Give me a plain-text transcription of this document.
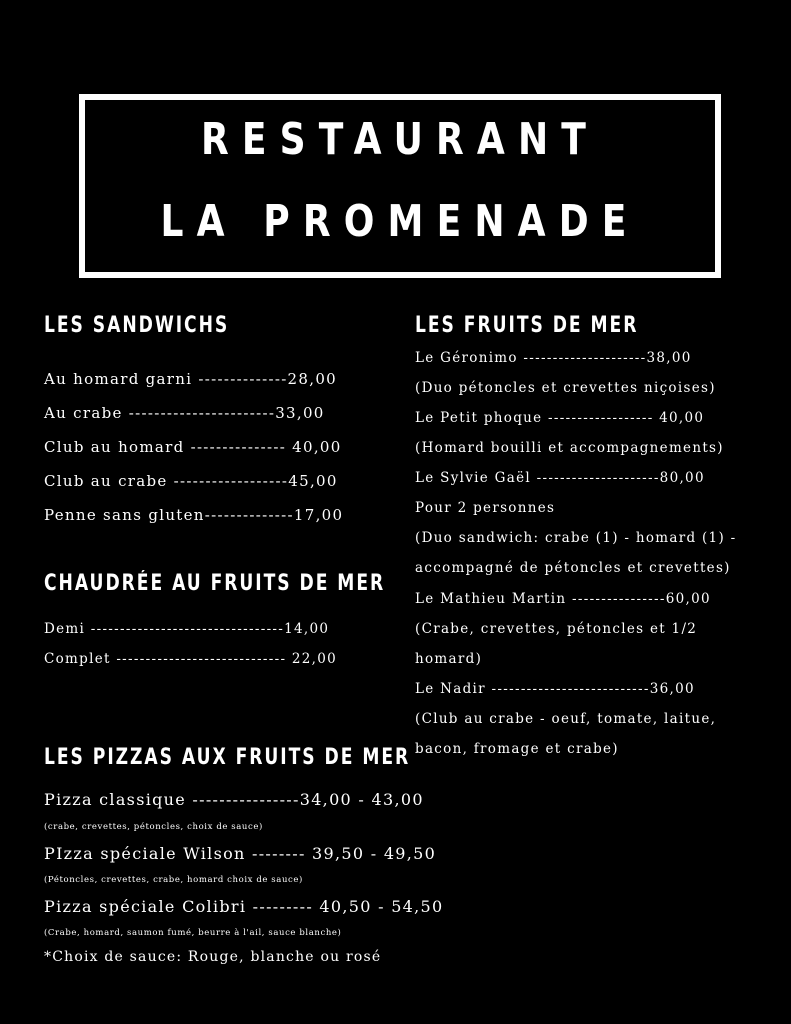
RESTAURANT
LA PROMENADE
LES SANDWICHS
Au homard garni --------------28,00
Au crabe -----------------------33,00
Club au homard --------------- 40,00
Club au crabe ------------------45,00
Penne sans gluten--------------17,00
CHAUDRÉE AU FRUITS DE MER
Demi ---------------------------------14,00
Complet ----------------------------- 22,00
LES PIZZAS AUX FRUITS DE MER
Pizza classique ----------------34,00 - 43,00
(crabe, crevettes, pétoncles, choix de sauce)
PIzza spéciale Wilson -------- 39,50 - 49,50
(Pétoncles, crevettes, crabe, homard choix de sauce)
Pizza spéciale Colibri --------- 40,50 - 54,50
(Crabe, homard, saumon fumé, beurre à l'ail, sauce blanche)
*Choix de sauce: Rouge, blanche ou rosé
LES FRUITS DE MER
Le Géronimo ---------------------38,00
(Duo pétoncles et crevettes niçoises)
Le Petit phoque ------------------ 40,00
(Homard bouilli et accompagnements)
Le Sylvie Gaël ---------------------80,00
Pour 2 personnes
(Duo sandwich: crabe (1) - homard (1) -
accompagné de pétoncles et crevettes)
Le Mathieu Martin ----------------60,00
(Crabe, crevettes, pétoncles et 1/2
homard)
Le Nadir ---------------------------36,00
(Club au crabe - oeuf, tomate, laitue,
bacon, fromage et crabe)
